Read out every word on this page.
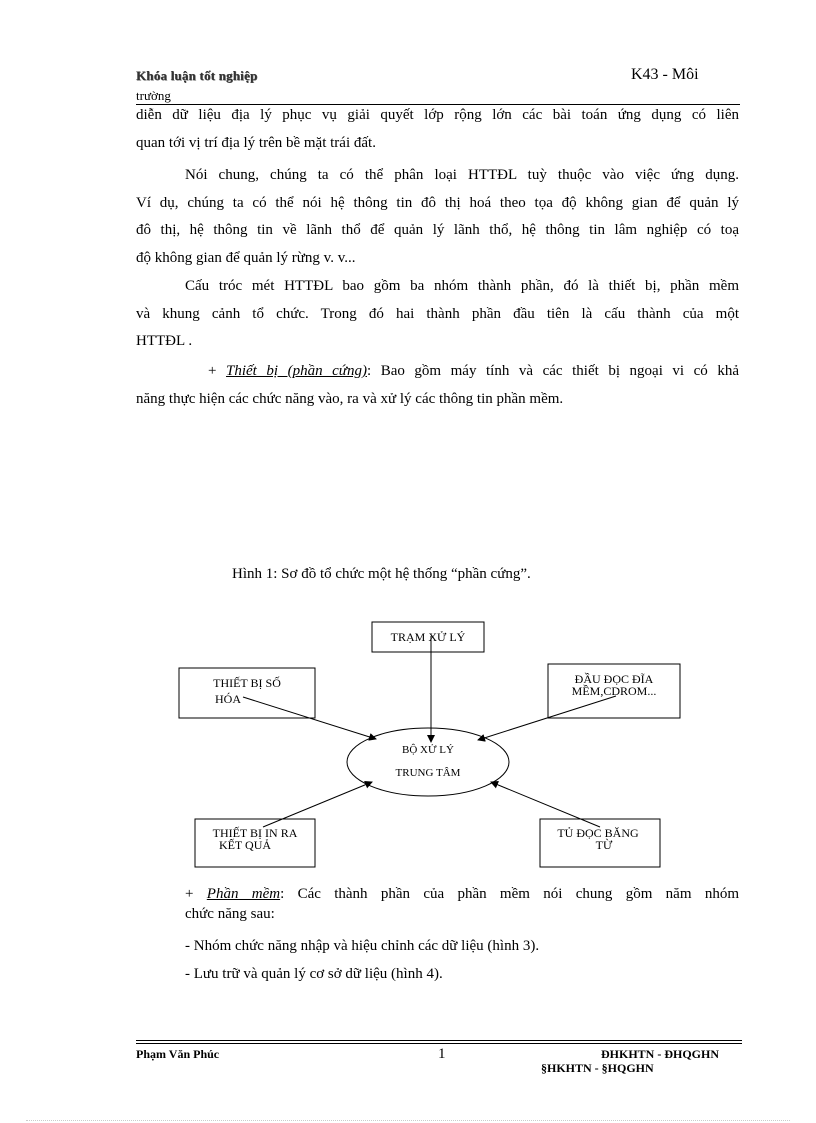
Khóa luận tốt nghiệp	K43 - Môi
trường
diễn dữ liệu địa lý phục vụ giải quyết lớp rộng lớn các bài toán ứng dụng có liên
quan tới vị trí địa lý trên bề mặt trái đất.
Nói chung, chúng ta có thể phân loại HTTĐL tuỳ thuộc vào việc ứng dụng.
Ví dụ, chúng ta có thể nói hệ thông tin đô thị hoá theo tọa độ không gian để quản lý
đô thị, hệ thông tin về lãnh thổ để quản lý lãnh thổ, hệ thông tin lâm nghiệp có toạ
độ không gian để quản lý rừng v. v...
Cấu tróc mét HTTĐL bao gồm ba nhóm thành phần, đó là thiết bị, phần mềm
và khung cảnh tổ chức. Trong đó hai thành phần đầu tiên là cấu thành của một
HTTĐL .
+ Thiết bị (phần cứng): Bao gồm máy tính và các thiết bị ngoại vi có khả
năng thực hiện các chức năng vào, ra và xử lý các thông tin phần mềm.
Hình 1: Sơ đồ tổ chức một hệ thống “phần cứng”.
TRẠM XỬ LÝ
THIẾT BỊ SỐ
HÓA
ĐẦU ĐỌC ĐĨA
MỀM,CDROM...
BỘ XỬ LÝ
TRUNG TÂM
THIẾT BỊ IN RA
KẾT QUẢ
TỦ ĐỌC BĂNG
TỪ
+ Phần mềm: Các thành phần của phần mềm nói chung gồm năm nhóm
chức năng sau:
- Nhóm chức năng nhập và hiệu chỉnh các dữ liệu (hình 3).
- Lưu trữ và quản lý cơ sở dữ liệu (hình 4).
Phạm Văn Phúc	1	ĐHKHTN - ĐHQGHN
§HKHTN - §HQGHN
